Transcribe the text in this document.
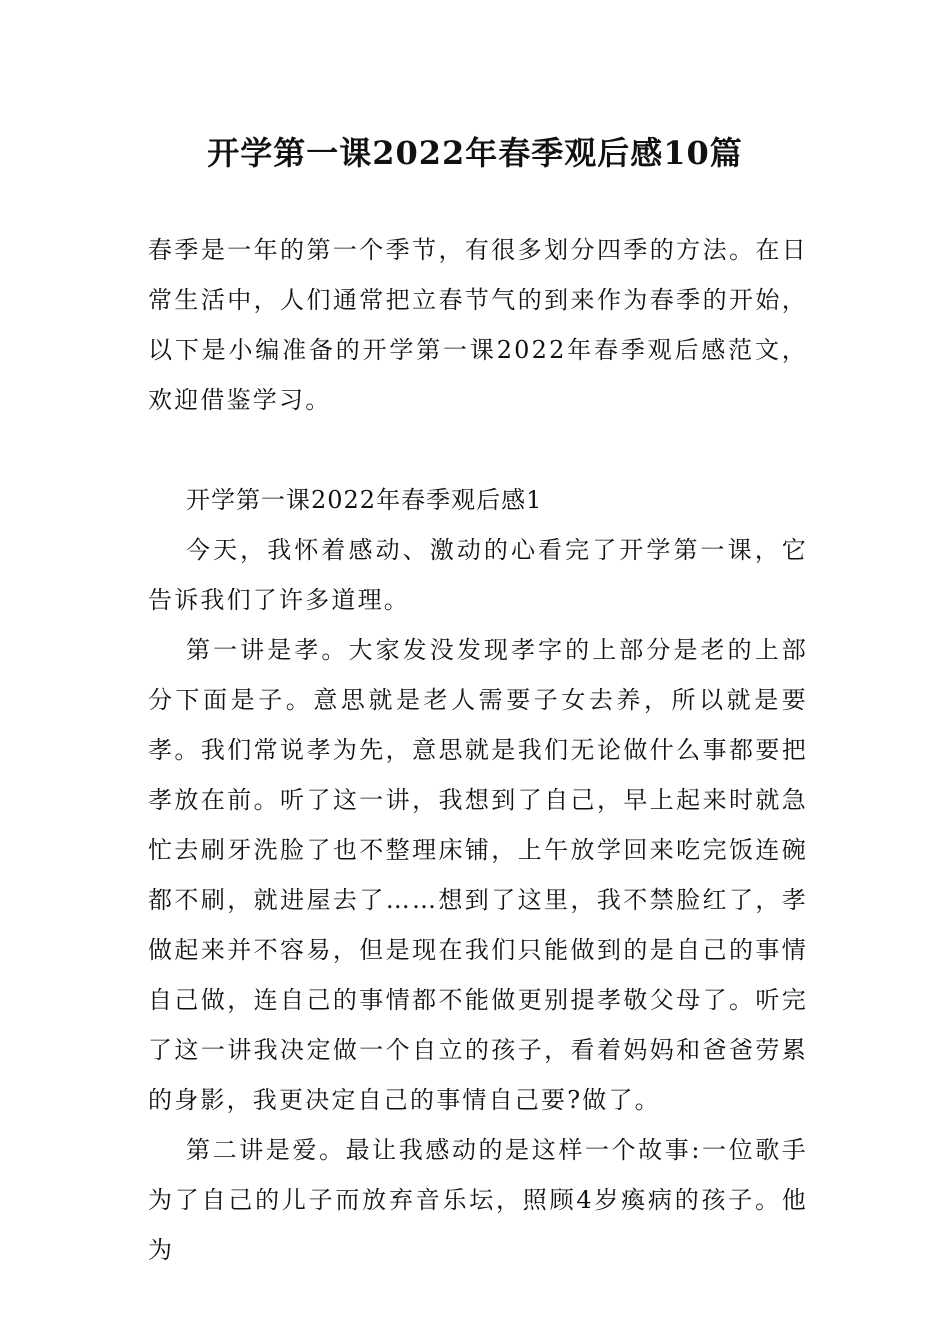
开学第一课2022年春季观后感10篇
春季是一年的第一个季节，有很多划分四季的方法。在日常生活中，人们通常把立春节气的到来作为春季的开始，以下是小编准备的开学第一课2022年春季观后感范文，欢迎借鉴学习。
开学第一课2022年春季观后感1

今天，我怀着感动、激动的心看完了开学第一课，它告诉我们了许多道理。

第一讲是孝。大家发没发现孝字的上部分是老的上部分下面是子。意思就是老人需要子女去养，所以就是要孝。我们常说孝为先，意思就是我们无论做什么事都要把孝放在前。听了这一讲，我想到了自己，早上起来时就急忙去刷牙洗脸了也不整理床铺，上午放学回来吃完饭连碗都不刷，就进屋去了……想到了这里，我不禁脸红了，孝做起来并不容易，但是现在我们只能做到的是自己的事情自己做，连自己的事情都不能做更别提孝敬父母了。听完了这一讲我决定做一个自立的孩子，看着妈妈和爸爸劳累的身影，我更决定自己的事情自己要?做了。

第二讲是爱。最让我感动的是这样一个故事:一位歌手为了自己的儿子而放弃音乐坛，照顾4岁瘓病的孩子。他为
